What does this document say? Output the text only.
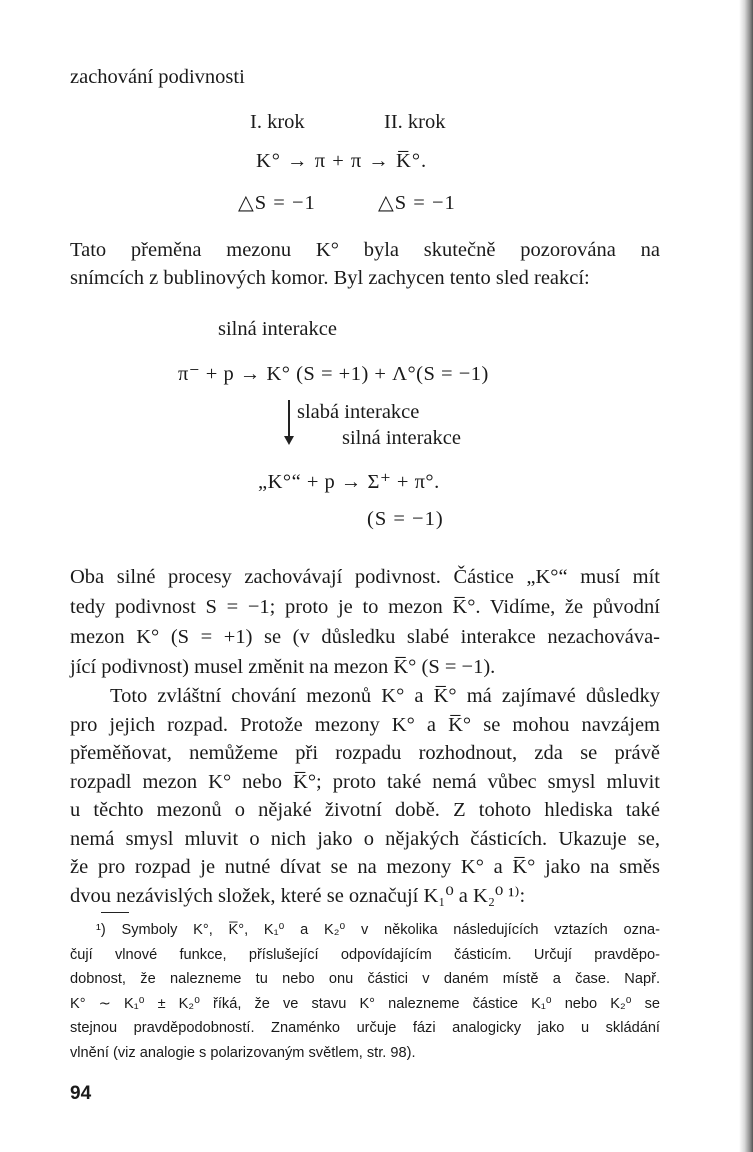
zachování podivnosti
I. krok	II. krok
K° → π + π → K̅°.
△S = −1	△S = −1
Tato přeměna mezonu K° byla skutečně pozorována na
snímcích z bublinových komor. Byl zachycen tento sled reakcí:
silná interakce
π⁻ + p → K° (S = +1) + Λ°(S = −1)
slabá interakce
silná interakce
„K°“ + p → Σ⁺ + π°.
(S = −1)
Oba silné procesy zachovávají podivnost. Částice „K°“ musí mít
tedy podivnost S = −1; proto je to mezon K̅°. Vidíme, že původní
mezon K° (S = +1) se (v důsledku slabé interakce nezachováva-
jící podivnost) musel změnit na mezon K̅° (S = −1).
Toto zvláštní chování mezonů K° a K̅° má zajímavé důsledky
pro jejich rozpad. Protože mezony K° a K̅° se mohou navzájem
přeměňovat, nemůžeme při rozpadu rozhodnout, zda se právě
rozpadl mezon K° nebo K̅°; proto také nemá vůbec smysl mluvit
u těchto mezonů o nějaké životní době. Z tohoto hlediska také
nemá smysl mluvit o nich jako o nějakých částicích. Ukazuje se,
že pro rozpad je nutné dívat se na mezony K° a K̅° jako na směs
dvou nezávislých složek, které se označují K₁⁰ a K₂⁰ ¹⁾:
¹) Symboly K°, K̅°, K₁⁰ a K₂⁰ v několika následujících vztazích ozna-
čují vlnové funkce, příslušející odpovídajícím částicím. Určují pravděpo-
dobnost, že nalezneme tu nebo onu částici v daném místě a čase. Např.
K° ∼ K₁⁰ ± K₂⁰ říká, že ve stavu K° nalezneme částice K₁⁰ nebo K₂⁰ se
stejnou pravděpodobností. Znaménko určuje fázi analogicky jako u skládání
vlnění (viz analogie s polarizovaným světlem, str. 98).
94
